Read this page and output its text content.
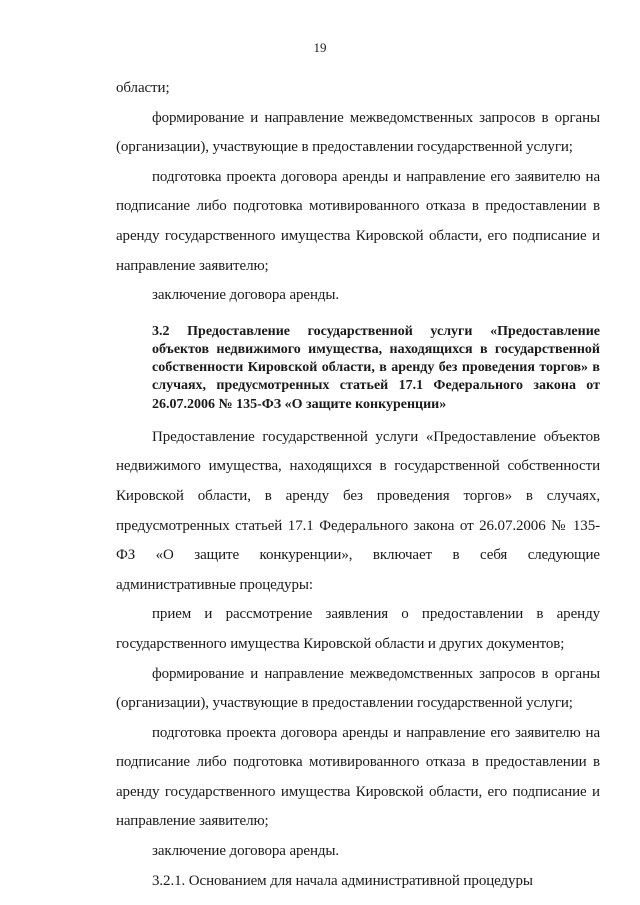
19

области;

формирование и направление межведомственных запросов в органы (организации), участвующие в предоставлении государственной услуги;

подготовка проекта договора аренды и направление его заявителю на подписание либо подготовка мотивированного отказа в предоставлении в аренду государственного имущества Кировской области, его подписание и направление заявителю;

заключение договора аренды.

3.2 Предоставление государственной услуги «Предоставление объектов недвижимого имущества, находящихся в государственной собственности Кировской области, в аренду без проведения торгов» в случаях, предусмотренных статьей 17.1 Федерального закона от 26.07.2006 № 135-ФЗ «О защите конкуренции»

Предоставление государственной услуги «Предоставление объектов недвижимого имущества, находящихся в государственной собственности Кировской области, в аренду без проведения торгов» в случаях, предусмотренных статьей 17.1 Федерального закона от 26.07.2006 № 135-ФЗ «О защите конкуренции», включает в себя следующие административные процедуры:

прием и рассмотрение заявления о предоставлении в аренду государственного имущества Кировской области и других документов;

формирование и направление межведомственных запросов в органы (организации), участвующие в предоставлении государственной услуги;

подготовка проекта договора аренды и направление его заявителю на подписание либо подготовка мотивированного отказа в предоставлении в аренду государственного имущества Кировской области, его подписание и направление заявителю;

заключение договора аренды.

3.2.1. Основанием для начала административной процедуры
